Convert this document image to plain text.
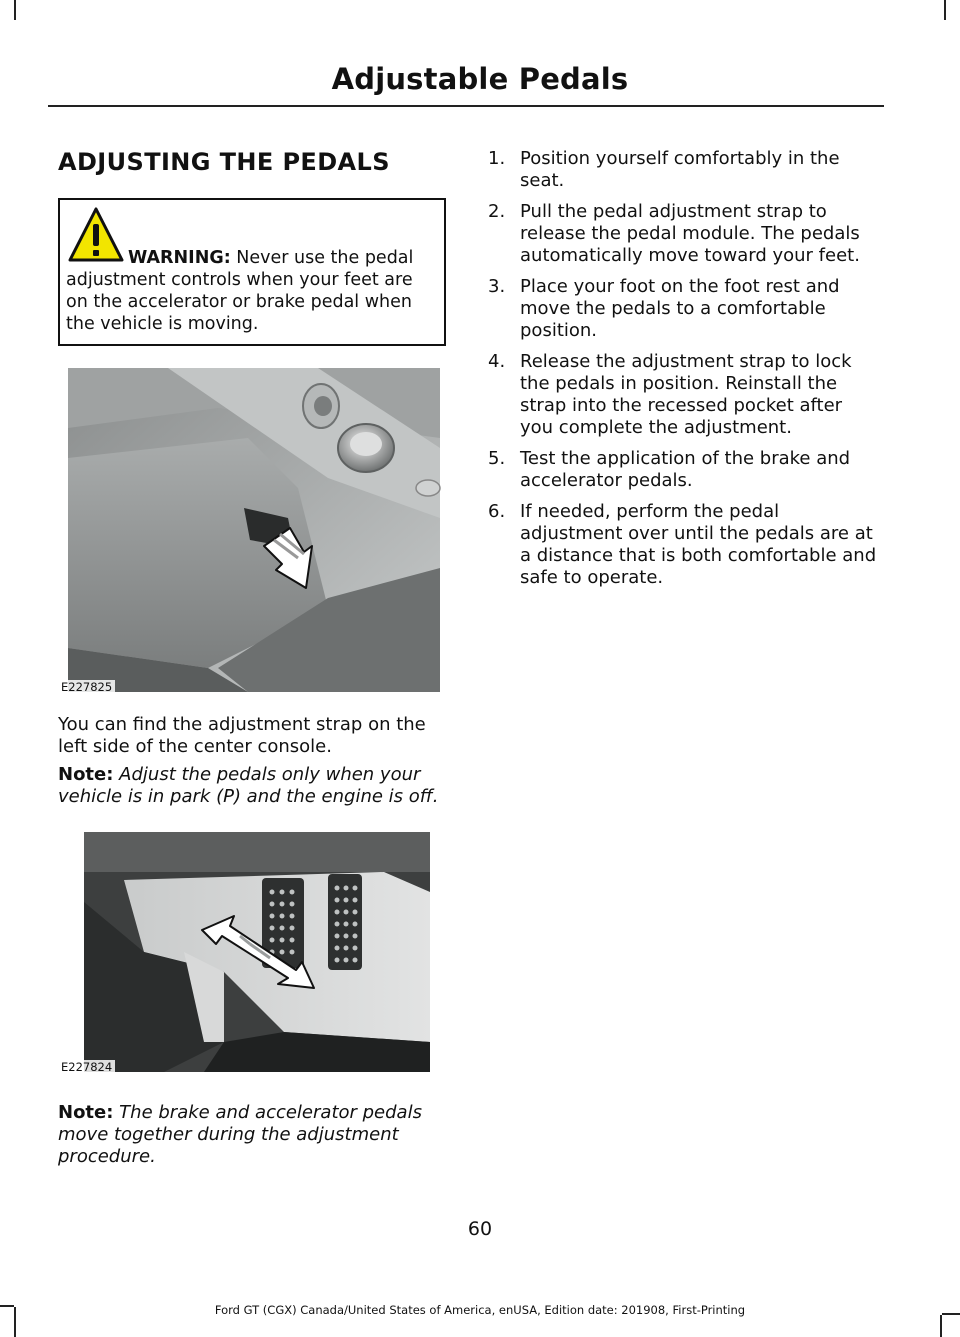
Adjustable Pedals
ADJUSTING THE PEDALS
WARNING: Never use the pedal adjustment controls when your feet are on the accelerator or brake pedal when the vehicle is moving.
E227825
You can find the adjustment strap on the left side of the center console.
Note: Adjust the pedals only when your vehicle is in park (P) and the engine is off.
E227824
Note: The brake and accelerator pedals move together during the adjustment procedure.
1. Position yourself comfortably in the seat.
2. Pull the pedal adjustment strap to release the pedal module. The pedals automatically move toward your feet.
3. Place your foot on the foot rest and move the pedals to a comfortable position.
4. Release the adjustment strap to lock the pedals in position. Reinstall the strap into the recessed pocket after you complete the adjustment.
5. Test the application of the brake and accelerator pedals.
6. If needed, perform the pedal adjustment over until the pedals are at a distance that is both comfortable and safe to operate.
60
Ford GT (CGX) Canada/United States of America, enUSA, Edition date: 201908, First-Printing
